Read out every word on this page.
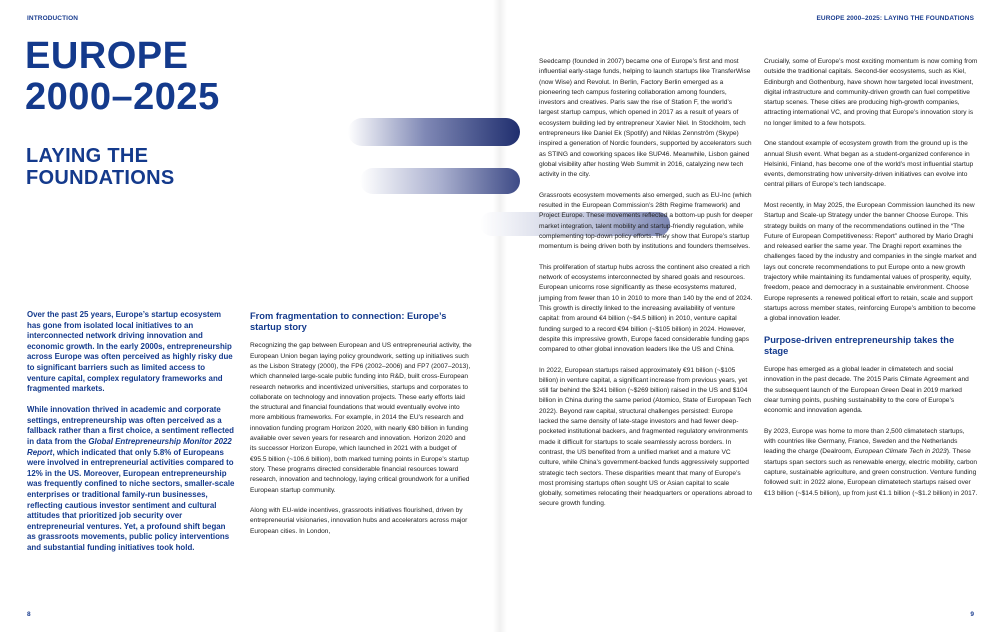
INTRODUCTION	EUROPE 2000–2025: LAYING THE FOUNDATIONS
EUROPE
2000–2025
LAYING THE
FOUNDATIONS

Over the past 25 years, Europe’s startup ecosystem has gone from isolated local initiatives to an interconnected network driving innovation and economic growth. In the early 2000s, entrepreneurship across Europe was often perceived as highly risky due to significant barriers such as limited access to venture capital, complex regulatory frameworks and fragmented markets.

While innovation thrived in academic and corporate settings, entrepreneurship was often perceived as a fallback rather than a first choice, a sentiment reflected in data from the Global Entrepreneurship Monitor 2022 Report, which indicated that only 5.8% of Europeans were involved in entrepreneurial activities compared to 12% in the US. Moreover, European entrepreneurship was frequently confined to niche sectors, smaller-scale enterprises or traditional family-run businesses, reflecting cautious investor sentiment and cultural attitudes that prioritized job security over entrepreneurial ventures. Yet, a profound shift began as grassroots movements, public policy interventions and substantial funding initiatives took hold.

From fragmentation to connection: Europe’s startup story

Recognizing the gap between European and US entrepreneurial activity, the European Union began laying policy groundwork, setting up initiatives such as the Lisbon Strategy (2000), the FP6 (2002–2006) and FP7 (2007–2013), which channeled large-scale public funding into R&D, built cross-European research networks and incentivized universities, startups and corporates to collaborate on technology and innovation projects. These early efforts laid the structural and financial foundations that would eventually evolve into more ambitious frameworks. For example, in 2014 the EU’s research and innovation funding program Horizon 2020, with nearly €80 billion in funding available over seven years for research and innovation. Horizon 2020 and its successor Horizon Europe, which launched in 2021 with a budget of €95.5 billion (~106.6 billion), both marked turning points in Europe’s startup story. These programs directed considerable financial resources toward research, innovation and technology, laying critical groundwork for a unified European startup community.

Along with EU-wide incentives, grassroots initiatives flourished, driven by entrepreneurial visionaries, innovation hubs and accelerators across major European cities. In London,

Seedcamp (founded in 2007) became one of Europe’s first and most influential early-stage funds, helping to launch startups like TransferWise (now Wise) and Revolut. In Berlin, Factory Berlin emerged as a pioneering tech campus fostering collaboration among founders, investors and creatives. Paris saw the rise of Station F, the world’s largest startup campus, which opened in 2017 as a result of years of ecosystem building led by entrepreneur Xavier Niel. In Stockholm, tech entrepreneurs like Daniel Ek (Spotify) and Niklas Zennström (Skype) inspired a generation of Nordic founders, supported by accelerators such as STING and coworking spaces like SUP46. Meanwhile, Lisbon gained global visibility after hosting Web Summit in 2016, catalyzing new tech activity in the city.

Grassroots ecosystem movements also emerged, such as EU-Inc (which resulted in the European Commission’s 28th Regime framework) and Project Europe. These movements reflected a bottom-up push for deeper market integration, talent mobility and startup-friendly regulation, while complementing top-down policy efforts. They show that Europe’s startup momentum is being driven both by institutions and founders themselves.

This proliferation of startup hubs across the continent also created a rich network of ecosystems interconnected by shared goals and resources. European unicorns rose significantly as these ecosystems matured, jumping from fewer than 10 in 2010 to more than 140 by the end of 2024. This growth is directly linked to the increasing availability of venture capital: from around €4 billion (~$4.5 billion) in 2010, venture capital funding surged to a record €94 billion (~$105 billion) in 2024. However, despite this impressive growth, Europe faced considerable funding gaps compared to other global innovation leaders like the US and China.

In 2022, European startups raised approximately €91 billion (~$105 billion) in venture capital, a significant increase from previous years, yet still far behind the $241 billion (~$269 billion) raised in the US and $104 billion in China during the same period (Atomico, State of European Tech 2022). Beyond raw capital, structural challenges persisted: Europe lacked the same density of late-stage investors and had fewer deep-pocketed institutional backers, and fragmented regulatory environments made it difficult for startups to scale seamlessly across borders. In contrast, the US benefited from a unified market and a mature VC culture, while China’s government-backed funds aggressively supported strategic tech sectors. These disparities meant that many of Europe’s most promising startups often sought US or Asian capital to scale globally, sometimes relocating their headquarters or operations abroad to secure growth funding.

Crucially, some of Europe’s most exciting momentum is now coming from outside the traditional capitals. Second-tier ecosystems, such as Kiel, Edinburgh and Gothenburg, have shown how targeted local investment, digital infrastructure and community-driven growth can fuel competitive startup scenes. These cities are producing high-growth companies, attracting international VC, and proving that Europe’s innovation story is no longer limited to a few hotspots.

One standout example of ecosystem growth from the ground up is the annual Slush event. What began as a student-organized conference in Helsinki, Finland, has become one of the world’s most influential startup events, demonstrating how university-driven initiatives can evolve into central pillars of Europe’s tech landscape.

Most recently, in May 2025, the European Commission launched its new Startup and Scale-up Strategy under the banner Choose Europe. This strategy builds on many of the recommendations outlined in the “The Future of European Competitiveness: Report” authored by Mario Draghi and released earlier the same year. The Draghi report examines the challenges faced by the industry and companies in the single market and lays out concrete recommendations to put Europe onto a new growth trajectory while maintaining its fundamental values of prosperity, equity, freedom, peace and democracy in a sustainable environment. Choose Europe represents a renewed political effort to retain, scale and support startups across member states, reinforcing Europe’s ambition to become a global innovation leader.

Purpose-driven entrepreneurship takes the stage

Europe has emerged as a global leader in climatetech and social innovation in the past decade. The 2015 Paris Climate Agreement and the subsequent launch of the European Green Deal in 2019 marked clear turning points, pushing sustainability to the core of Europe’s economic and innovation agenda.

By 2023, Europe was home to more than 2,500 climatetech startups, with countries like Germany, France, Sweden and the Netherlands leading the charge (Dealroom, European Climate Tech in 2023). These startups span sectors such as renewable energy, electric mobility, carbon capture, sustainable agriculture, and green construction. Venture funding followed suit: in 2022 alone, European climatetech startups raised over €13 billion (~$14.5 billion), up from just €1.1 billion (~$1.2 billion) in 2017.

8	9
